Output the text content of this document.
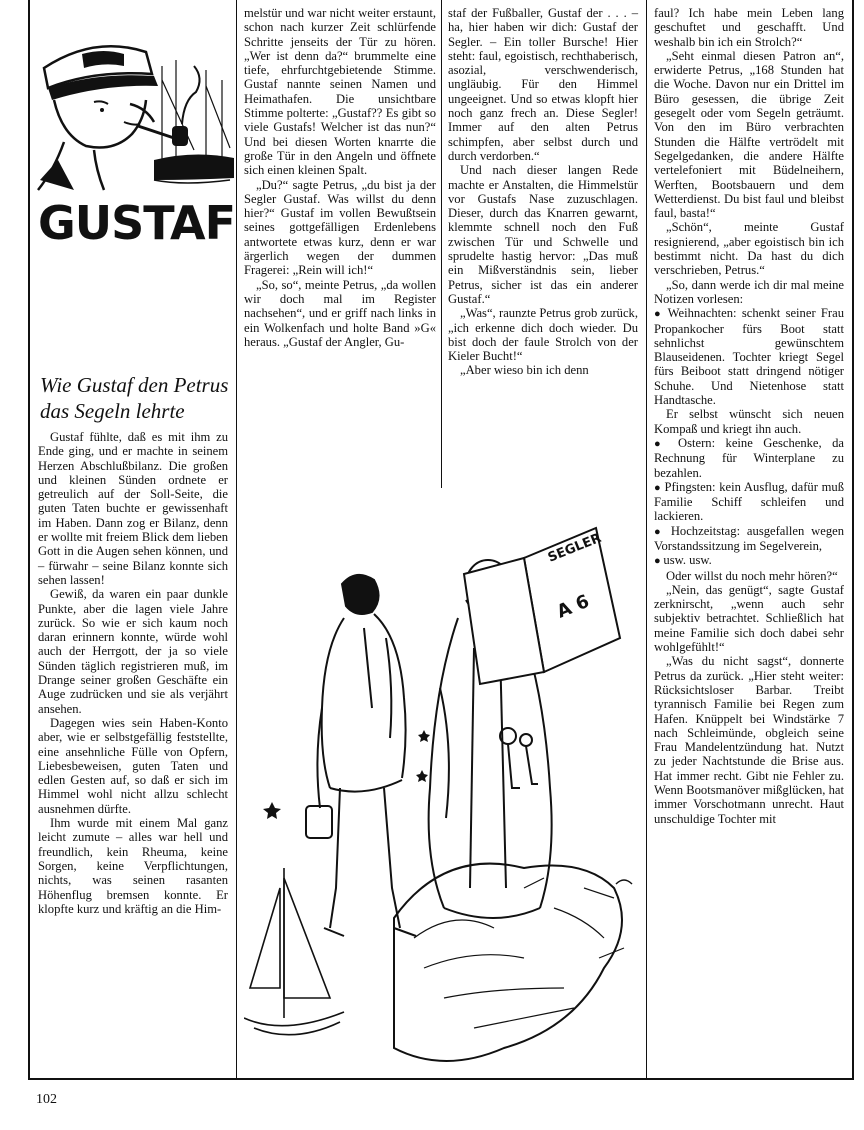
GUSTAF
Wie Gustaf den Petrus das Segeln lehrte

Gustaf fühlte, daß es mit ihm zu Ende ging, und er machte in seinem Herzen Abschlußbilanz. Die großen und kleinen Sünden ordnete er getreulich auf der Soll-Seite, die guten Taten buchte er gewissenhaft im Haben. Dann zog er Bilanz, denn er wollte mit freiem Blick dem lieben Gott in die Augen sehen können, und – fürwahr – seine Bilanz konnte sich sehen lassen!

Gewiß, da waren ein paar dunkle Punkte, aber die lagen viele Jahre zurück. So wie er sich kaum noch daran erinnern konnte, würde wohl auch der Herrgott, der ja so viele Sünden täglich registrieren muß, im Drange seiner großen Geschäfte ein Auge zudrücken und sie als verjährt ansehen.

Dagegen wies sein Haben-Konto aber, wie er selbstgefällig feststellte, eine ansehnliche Fülle von Opfern, Liebesbeweisen, guten Taten und edlen Gesten auf, so daß er sich im Himmel wohl nicht allzu schlecht ausnehmen dürfte.

Ihm wurde mit einem Mal ganz leicht zumute – alles war hell und freundlich, kein Rheuma, keine Sorgen, keine Verpflichtungen, nichts, was seinen rasanten Höhenflug bremsen konnte. Er klopfte kurz und kräftig an die Him-

melstür und war nicht weiter erstaunt, schon nach kurzer Zeit schlürfende Schritte jenseits der Tür zu hören. „Wer ist denn da?“ brummelte eine tiefe, ehrfurchtgebietende Stimme. Gustaf nannte seinen Namen und Heimathafen. Die unsichtbare Stimme polterte: „Gustaf?? Es gibt so viele Gustafs! Welcher ist das nun?“ Und bei diesen Worten knarrte die große Tür in den Angeln und öffnete sich einen kleinen Spalt.

„Du?“ sagte Petrus, „du bist ja der Segler Gustaf. Was willst du denn hier?“ Gustaf im vollen Bewußtsein seines gottgefälligen Erdenlebens antwortete etwas kurz, denn er war ärgerlich wegen der dummen Fragerei: „Rein will ich!“

„So, so“, meinte Petrus, „da wollen wir doch mal im Register nachsehen“, und er griff nach links in ein Wolkenfach und holte Band »G« heraus. „Gustaf der Angler, Gu-

staf der Fußballer, Gustaf der . . . – ha, hier haben wir dich: Gustaf der Segler. – Ein toller Bursche! Hier steht: faul, egoistisch, rechthaberisch, asozial, verschwenderisch, ungläubig. Für den Himmel ungeeignet. Und so etwas klopft hier noch ganz frech an. Diese Segler! Immer auf den alten Petrus schimpfen, aber selbst durch und durch verdorben.“

Und nach dieser langen Rede machte er Anstalten, die Himmelstür vor Gustafs Nase zuzuschlagen. Dieser, durch das Knarren gewarnt, klemmte schnell noch den Fuß zwischen Tür und Schwelle und sprudelte hastig hervor: „Das muß ein Mißverständnis sein, lieber Petrus, sicher ist das ein anderer Gustaf.“

„Was“, raunzte Petrus grob zurück, „ich erkenne dich doch wieder. Du bist doch der faule Strolch von der Kieler Bucht!“

„Aber wieso bin ich denn

faul? Ich habe mein Leben lang geschuftet und geschafft. Und weshalb bin ich ein Strolch?“

„Seht einmal diesen Patron an“, erwiderte Petrus, „168 Stunden hat die Woche. Davon nur ein Drittel im Büro gesessen, die übrige Zeit gesegelt oder vom Segeln geträumt. Von den im Büro verbrachten Stunden die Hälfte vertrödelt mit Segelgedanken, die andere Hälfte vertelefoniert mit Büdelneihern, Werften, Bootsbauern und dem Wetterdienst. Du bist faul und bleibst faul, basta!“

„Schön“, meinte Gustaf resignierend, „aber egoistisch bin ich bestimmt nicht. Da hast du dich verschrieben, Petrus.“

„So, dann werde ich dir mal meine Notizen vorlesen:

● Weihnachten: schenkt seiner Frau Propankocher fürs Boot statt sehnlichst gewünschtem Blauseidenen. Tochter kriegt Segel fürs Beiboot statt dringend nötiger Schuhe. Und Nietenhose statt Handtasche.

Er selbst wünscht sich neuen Kompaß und kriegt ihn auch.

● Ostern: keine Geschenke, da Rechnung für Winterplane zu bezahlen.

● Pfingsten: kein Ausflug, dafür muß Familie Schiff schleifen und lackieren.

● Hochzeitstag: ausgefallen wegen Vorstandssitzung im Segelverein,

● usw. usw.

Oder willst du noch mehr hören?“

„Nein, das genügt“, sagte Gustaf zerknirscht, „wenn auch sehr subjektiv betrachtet. Schließlich hat meine Familie sich doch dabei sehr wohlgefühlt!“

„Was du nicht sagst“, donnerte Petrus da zurück. „Hier steht weiter: Rücksichtsloser Barbar. Treibt tyrannisch Familie bei Regen zum Hafen. Knüppelt bei Windstärke 7 nach Schleimünde, obgleich seine Frau Mandelentzündung hat. Nutzt zu jeder Nachtstunde die Brise aus. Hat immer recht. Gibt nie Fehler zu. Wenn Bootsmanöver mißglücken, hat immer Vorschotmann unrecht. Haut unschuldige Tochter mit

SEGLER
A 6
102
